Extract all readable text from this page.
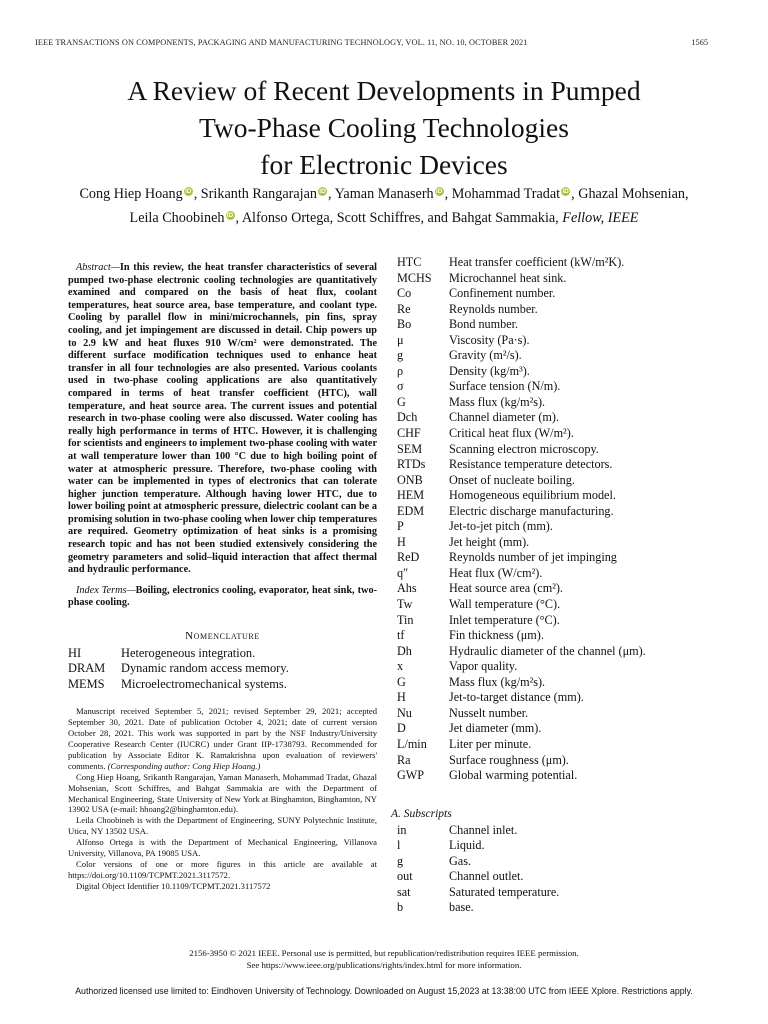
IEEE TRANSACTIONS ON COMPONENTS, PACKAGING AND MANUFACTURING TECHNOLOGY, VOL. 11, NO. 10, OCTOBER 2021	1565
A Review of Recent Developments in Pumped
Two-Phase Cooling Technologies
for Electronic Devices
Cong Hiep Hoang iD , Srikanth Rangarajan iD , Yaman Manaserh iD , Mohammad Tradat iD , Ghazal Mohsenian,
Leila Choobineh iD , Alfonso Ortega, Scott Schiffres, and Bahgat Sammakia, Fellow, IEEE

Abstract—In this review, the heat transfer characteristics of several pumped two-phase electronic cooling technologies are quantitatively examined and compared on the basis of heat flux, coolant temperatures, heat source area, base temperature, and coolant type. Cooling by parallel flow in mini/microchannels, pin fins, spray cooling, and jet impingement are discussed in detail. Chip powers up to 2.9 kW and heat fluxes 910 W/cm² were demonstrated. The different surface modification techniques used to enhance heat transfer in all four technologies are also presented. Various coolants used in two-phase cooling applications are also quantitatively compared in terms of heat transfer coefficient (HTC), wall temperature, and heat source area. The current issues and potential research in two-phase cooling were also discussed. Water cooling has really high performance in terms of HTC. However, it is challenging for scientists and engineers to implement two-phase cooling with water at wall temperature lower than 100 °C due to high boiling point of water at atmospheric pressure. Therefore, two-phase cooling with water can be implemented in types of electronics that can tolerate higher junction temperature. Although having lower HTC, due to lower boiling point at atmospheric pressure, dielectric coolant can be a promising solution in two-phase cooling when lower chip temperatures are required. Geometry optimization of heat sinks is a promising research topic and has not been studied extensively considering the geometry parameters and solid–liquid interaction that affect thermal and hydraulic performance.

Index Terms—Boiling, electronics cooling, evaporator, heat sink, two-phase cooling.

Nomenclature
HI	Heterogeneous integration.
DRAM	Dynamic random access memory.
MEMS	Microelectromechanical systems.

Manuscript received September 5, 2021; revised September 29, 2021; accepted September 30, 2021. Date of publication October 4, 2021; date of current version October 28, 2021. This work was supported in part by the NSF Industry/University Cooperative Research Center (IUCRC) under Grant IIP-1738793. Recommended for publication by Associate Editor K. Ramakrishna upon evaluation of reviewers' comments. (Corresponding author: Cong Hiep Hoang.)

Cong Hiep Hoang, Srikanth Rangarajan, Yaman Manaserh, Mohammad Tradat, Ghazal Mohsenian, Scott Schiffres, and Bahgat Sammakia are with the Department of Mechanical Engineering, State University of New York at Binghamton, Binghamton, NY 13902 USA (e-mail: hhoang2@binghamton.edu).

Leila Choobineh is with the Department of Engineering, SUNY Polytechnic Institute, Utica, NY 13502 USA.

Alfonso Ortega is with the Department of Mechanical Engineering, Villanova University, Villanova, PA 19085 USA.

Color versions of one or more figures in this article are available at https://doi.org/10.1109/TCPMT.2021.3117572.

Digital Object Identifier 10.1109/TCPMT.2021.3117572

HTC	Heat transfer coefficient (kW/m²K).
MCHS	Microchannel heat sink.
Co	Confinement number.
Re	Reynolds number.
Bo	Bond number.
μ	Viscosity (Pa·s).
g	Gravity (m²/s).
ρ	Density (kg/m³).
σ	Surface tension (N/m).
G	Mass flux (kg/m²s).
Dch	Channel diameter (m).
CHF	Critical heat flux (W/m²).
SEM	Scanning electron microscopy.
RTDs	Resistance temperature detectors.
ONB	Onset of nucleate boiling.
HEM	Homogeneous equilibrium model.
EDM	Electric discharge manufacturing.
P	Jet-to-jet pitch (mm).
H	Jet height (mm).
ReD	Reynolds number of jet impinging
q″	Heat flux (W/cm²).
Ahs	Heat source area (cm²).
Tw	Wall temperature (°C).
Tin	Inlet temperature (°C).
tf	Fin thickness (μm).
Dh	Hydraulic diameter of the channel (μm).
x	Vapor quality.
G	Mass flux (kg/m²s).
H	Jet-to-target distance (mm).
Nu	Nusselt number.
D	Jet diameter (mm).
L/min	Liter per minute.
Ra	Surface roughness (μm).
GWP	Global warming potential.
A. Subscripts
in	Channel inlet.
l	Liquid.
g	Gas.
out	Channel outlet.
sat	Saturated temperature.
b	base.
2156-3950 © 2021 IEEE. Personal use is permitted, but republication/redistribution requires IEEE permission.
See https://www.ieee.org/publications/rights/index.html for more information.
Authorized licensed use limited to: Eindhoven University of Technology. Downloaded on August 15,2023 at 13:38:00 UTC from IEEE Xplore. Restrictions apply.
